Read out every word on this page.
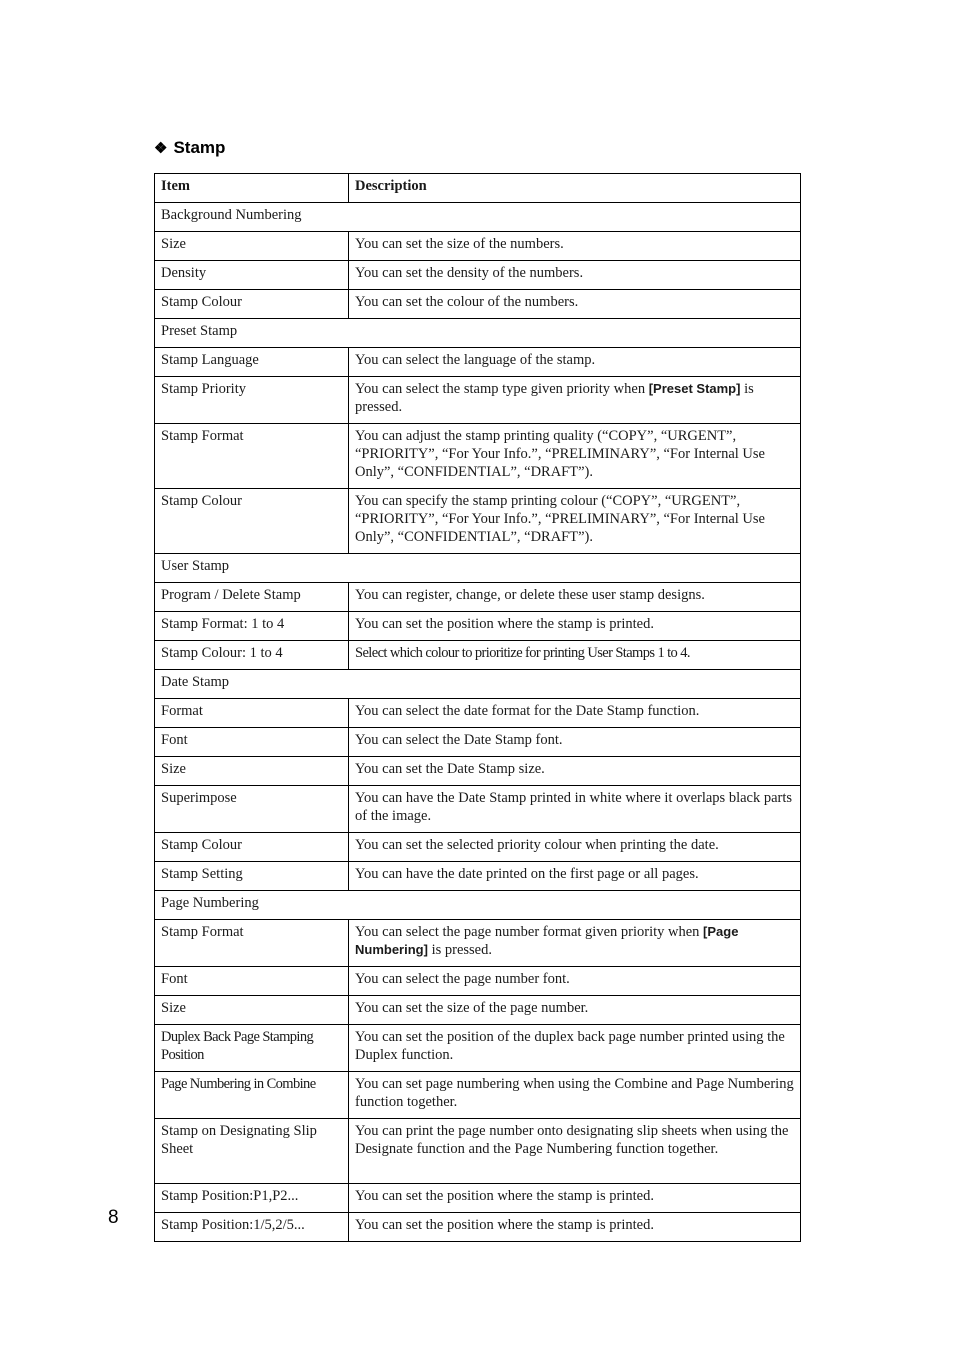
❖ Stamp
Item	Description
Background Numbering	
Size	You can set the size of the numbers.
Density	You can set the density of the numbers.
Stamp Colour	You can set the colour of the numbers.
Preset Stamp	
Stamp Language	You can select the language of the stamp.
Stamp Priority	You can select the stamp type given priority when [Preset Stamp] is pressed.
Stamp Format	You can adjust the stamp printing quality (“COPY”, “URGENT”, “PRIORITY”, “For Your Info.”, “PRELIMINARY”, “For Internal Use Only”, “CONFIDENTIAL”, “DRAFT”).
Stamp Colour	You can specify the stamp printing colour (“COPY”, “URGENT”, “PRIORITY”, “For Your Info.”, “PRELIMINARY”, “For Internal Use Only”, “CONFIDENTIAL”, “DRAFT”).
User Stamp	
Program / Delete Stamp	You can register, change, or delete these user stamp designs.
Stamp Format: 1 to 4	You can set the position where the stamp is printed.
Stamp Colour: 1 to 4	Select which colour to prioritize for printing User Stamps 1 to 4.
Date Stamp	
Format	You can select the date format for the Date Stamp function.
Font	You can select the Date Stamp font.
Size	You can set the Date Stamp size.
Superimpose	You can have the Date Stamp printed in white where it overlaps black parts of the image.
Stamp Colour	You can set the selected priority colour when printing the date.
Stamp Setting	You can have the date printed on the first page or all pages.
Page Numbering	
Stamp Format	You can select the page number format given priority when [Page Numbering] is pressed.
Font	You can select the page number font.
Size	You can set the size of the page number.
Duplex Back Page Stamping Position	You can set the position of the duplex back page number printed using the Duplex function.
Page Numbering in Combine	You can set page numbering when using the Combine and Page Numbering function together.
Stamp on Designating Slip Sheet	You can print the page number onto designating slip sheets when using the Designate function and the Page Numbering function together.
Stamp Position:P1,P2...	You can set the position where the stamp is printed.
Stamp Position:1/5,2/5...	You can set the position where the stamp is printed.
8
